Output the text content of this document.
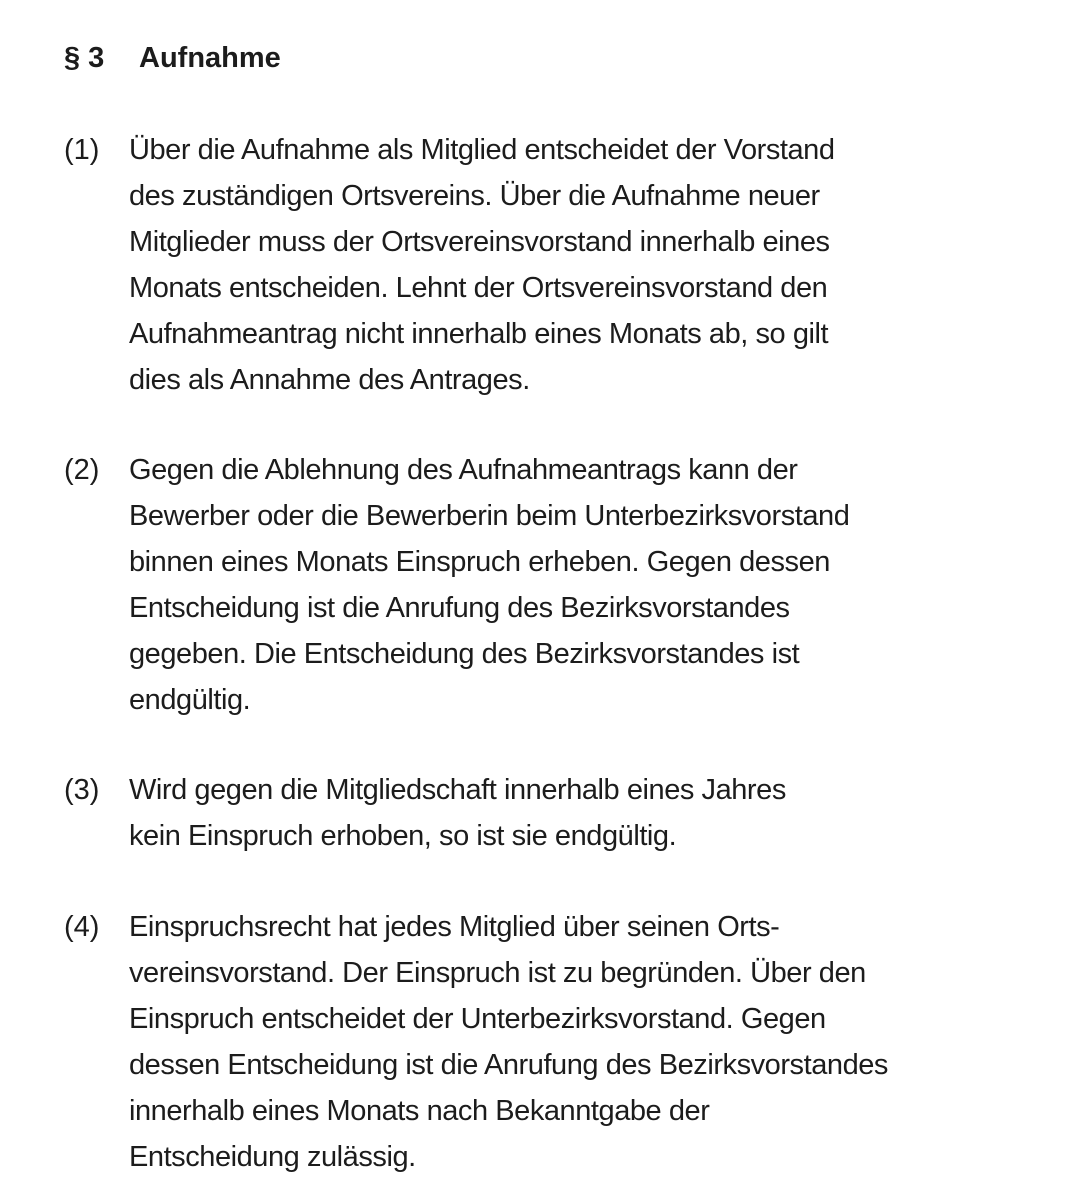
§ 3 Aufnahme
(1) Über die Aufnahme als Mitglied entscheidet der Vorstand
des zuständigen Ortsvereins. Über die Aufnahme neuer
Mitglieder muss der Ortsvereinsvorstand innerhalb eines
Monats entscheiden. Lehnt der Ortsvereinsvorstand den
Aufnahmeantrag nicht innerhalb eines Monats ab, so gilt
dies als Annahme des Antrages.
(2) Gegen die Ablehnung des Aufnahmeantrags kann der
Bewerber oder die Bewerberin beim Unterbezirksvorstand
binnen eines Monats Einspruch erheben. Gegen dessen
Entscheidung ist die Anrufung des Bezirksvorstandes
gegeben. Die Entscheidung des Bezirksvorstandes ist
endgültig.
(3) Wird gegen die Mitgliedschaft innerhalb eines Jahres
kein Einspruch erhoben, so ist sie endgültig.
(4) Einspruchsrecht hat jedes Mitglied über seinen Orts-
vereinsvorstand. Der Einspruch ist zu begründen. Über den
Einspruch entscheidet der Unterbezirksvorstand. Gegen
dessen Entscheidung ist die Anrufung des Bezirksvorstandes
innerhalb eines Monats nach Bekanntgabe der
Entscheidung zulässig.
